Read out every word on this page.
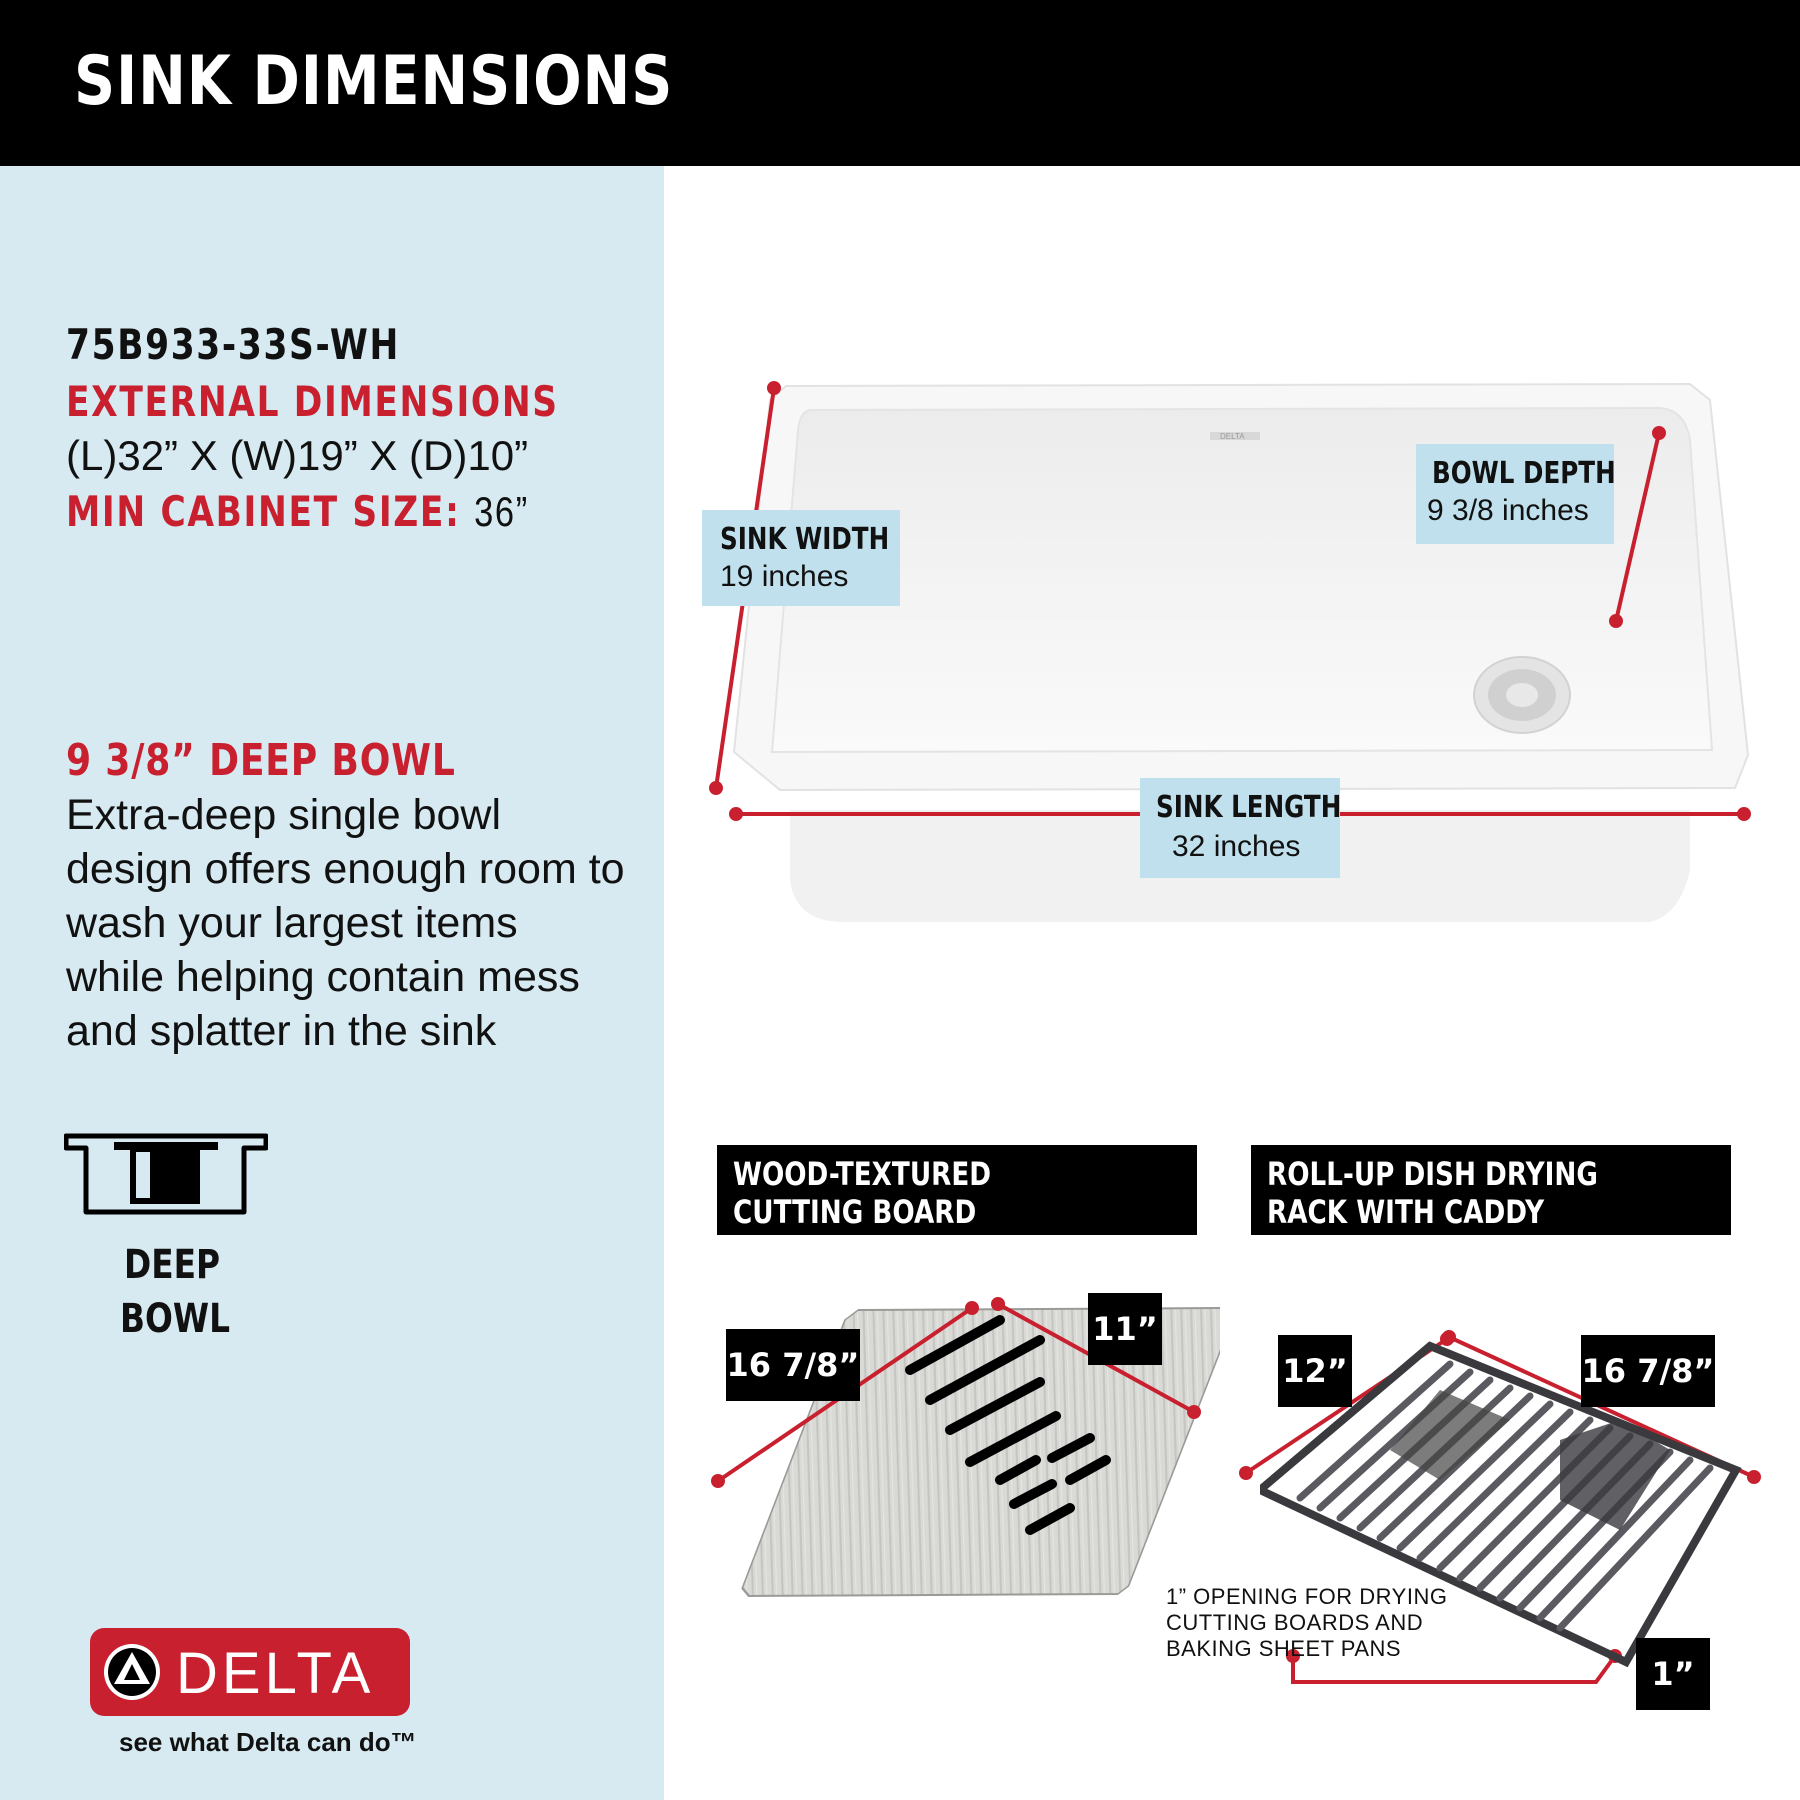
SINK DIMENSIONS
75B933-33S-WH
EXTERNAL DIMENSIONS
(L)32” X (W)19” X (D)10”
MIN CABINET SIZE: 36”
9 3/8” DEEP BOWL
Extra-deep single bowl design offers enough room to wash your largest items while helping contain mess and splatter in the sink
DEEP
BOWL
DELTA
see what Delta can do™
DELTA
SINK WIDTH
19 inches
BOWL DEPTH
9 3/8 inches
SINK LENGTH
32 inches
WOOD-TEXTURED
CUTTING BOARD
ROLL-UP DISH DRYING
RACK WITH CADDY
16 7/8”
11”
12”	16 7/8”
1”
1” OPENING FOR DRYING
CUTTING BOARDS AND
BAKING SHEET PANS
